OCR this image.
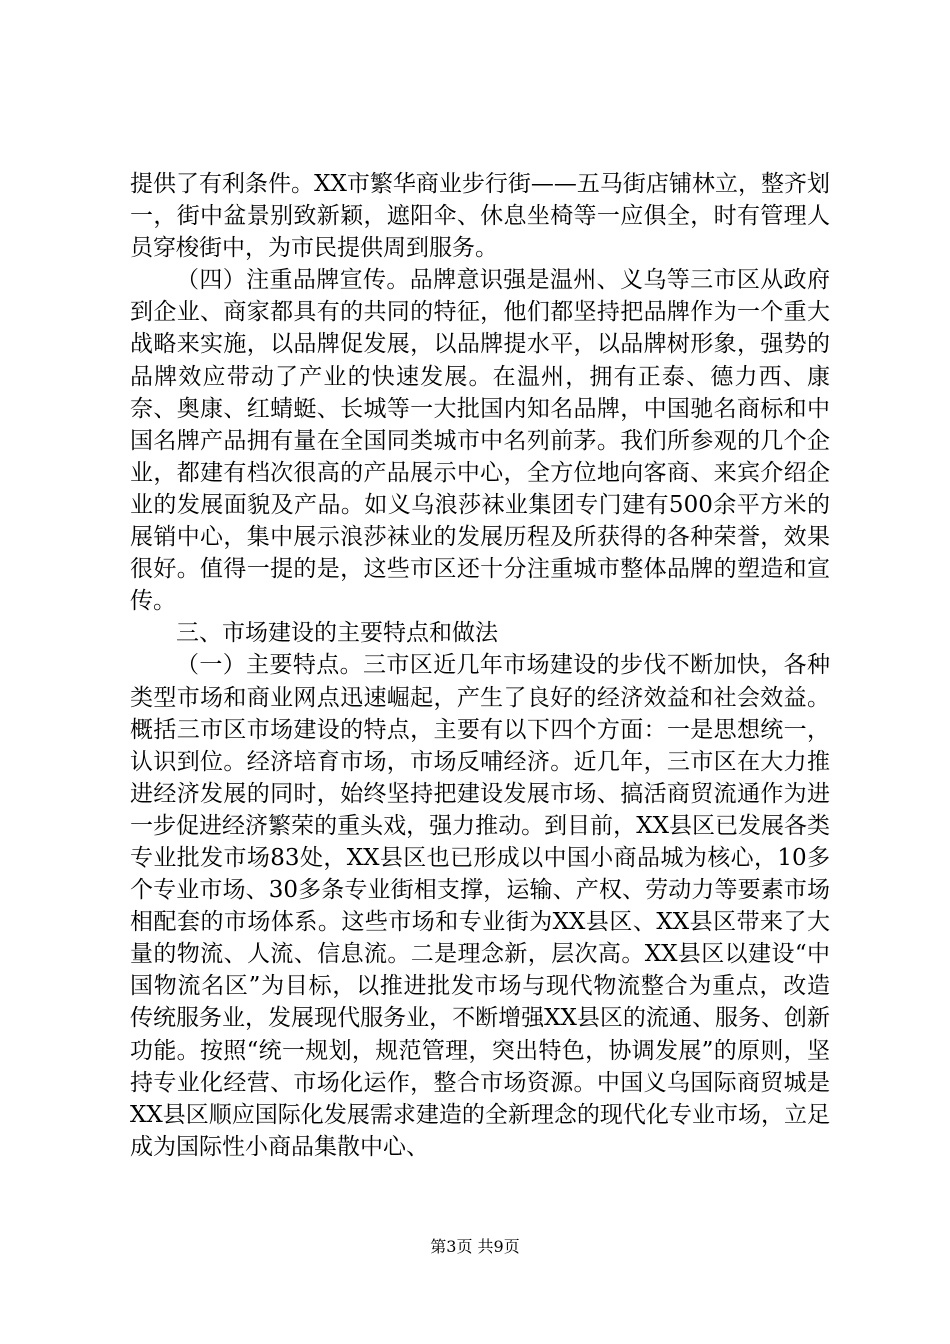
提供了有利条件。XX市繁华商业步行街——五马街店铺林立，整齐划一，街中盆景别致新颖，遮阳伞、休息坐椅等一应俱全，时有管理人员穿梭街中，为市民提供周到服务。

（四）注重品牌宣传。品牌意识强是温州、义乌等三市区从政府到企业、商家都具有的共同的特征，他们都坚持把品牌作为一个重大战略来实施，以品牌促发展，以品牌提水平，以品牌树形象，强势的品牌效应带动了产业的快速发展。在温州，拥有正泰、德力西、康奈、奥康、红蜻蜓、长城等一大批国内知名品牌，中国驰名商标和中国名牌产品拥有量在全国同类城市中名列前茅。我们所参观的几个企业，都建有档次很高的产品展示中心，全方位地向客商、来宾介绍企业的发展面貌及产品。如义乌浪莎袜业集团专门建有500余平方米的展销中心，集中展示浪莎袜业的发展历程及所获得的各种荣誉，效果很好。值得一提的是，这些市区还十分注重城市整体品牌的塑造和宣传。

三、市场建设的主要特点和做法

（一）主要特点。三市区近几年市场建设的步伐不断加快，各种类型市场和商业网点迅速崛起，产生了良好的经济效益和社会效益。概括三市区市场建设的特点，主要有以下四个方面：一是思想统一，认识到位。经济培育市场，市场反哺经济。近几年，三市区在大力推进经济发展的同时，始终坚持把建设发展市场、搞活商贸流通作为进一步促进经济繁荣的重头戏，强力推动。到目前，XX县区已发展各类专业批发市场83处，XX县区也已形成以中国小商品城为核心，10多个专业市场、30多条专业街相支撑，运输、产权、劳动力等要素市场相配套的市场体系。这些市场和专业街为XX县区、XX县区带来了大量的物流、人流、信息流。二是理念新，层次高。XX县区以建设“中国物流名区”为目标，以推进批发市场与现代物流整合为重点，改造传统服务业，发展现代服务业，不断增强XX县区的流通、服务、创新功能。按照“统一规划，规范管理，突出特色，协调发展”的原则，坚持专业化经营、市场化运作，整合市场资源。中国义乌国际商贸城是XX县区顺应国际化发展需求建造的全新理念的现代化专业市场，立足成为国际性小商品集散中心、

第3页 共9页
